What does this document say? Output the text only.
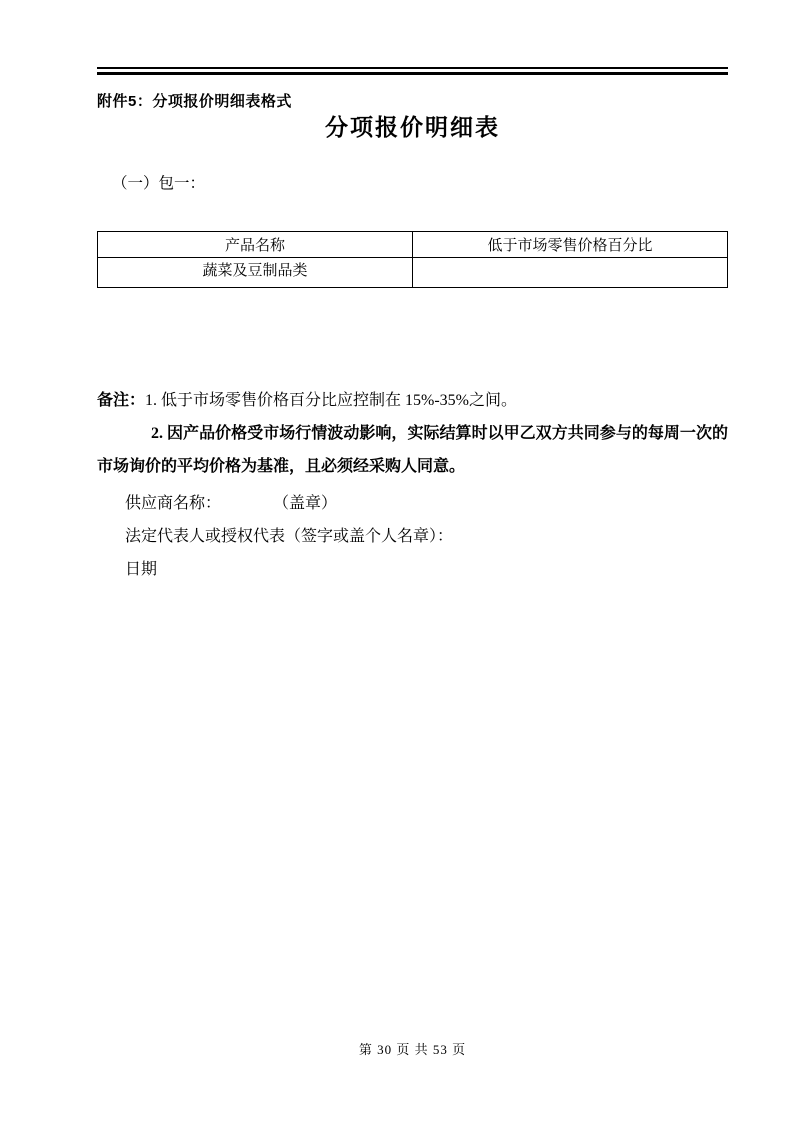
附件5：分项报价明细表格式
分项报价明细表
（一）包一：
产品名称	低于市场零售价格百分比
蔬菜及豆制品类	
备注：1. 低于市场零售价格百分比应控制在 15%-35%之间。
2. 因产品价格受市场行情波动影响，实际结算时以甲乙双方共同参与的每周一次的市场询价的平均价格为基准，且必须经采购人同意。
供应商名称：	（盖章）
法定代表人或授权代表（签字或盖个人名章）：
日期
第 30 页 共 53 页
